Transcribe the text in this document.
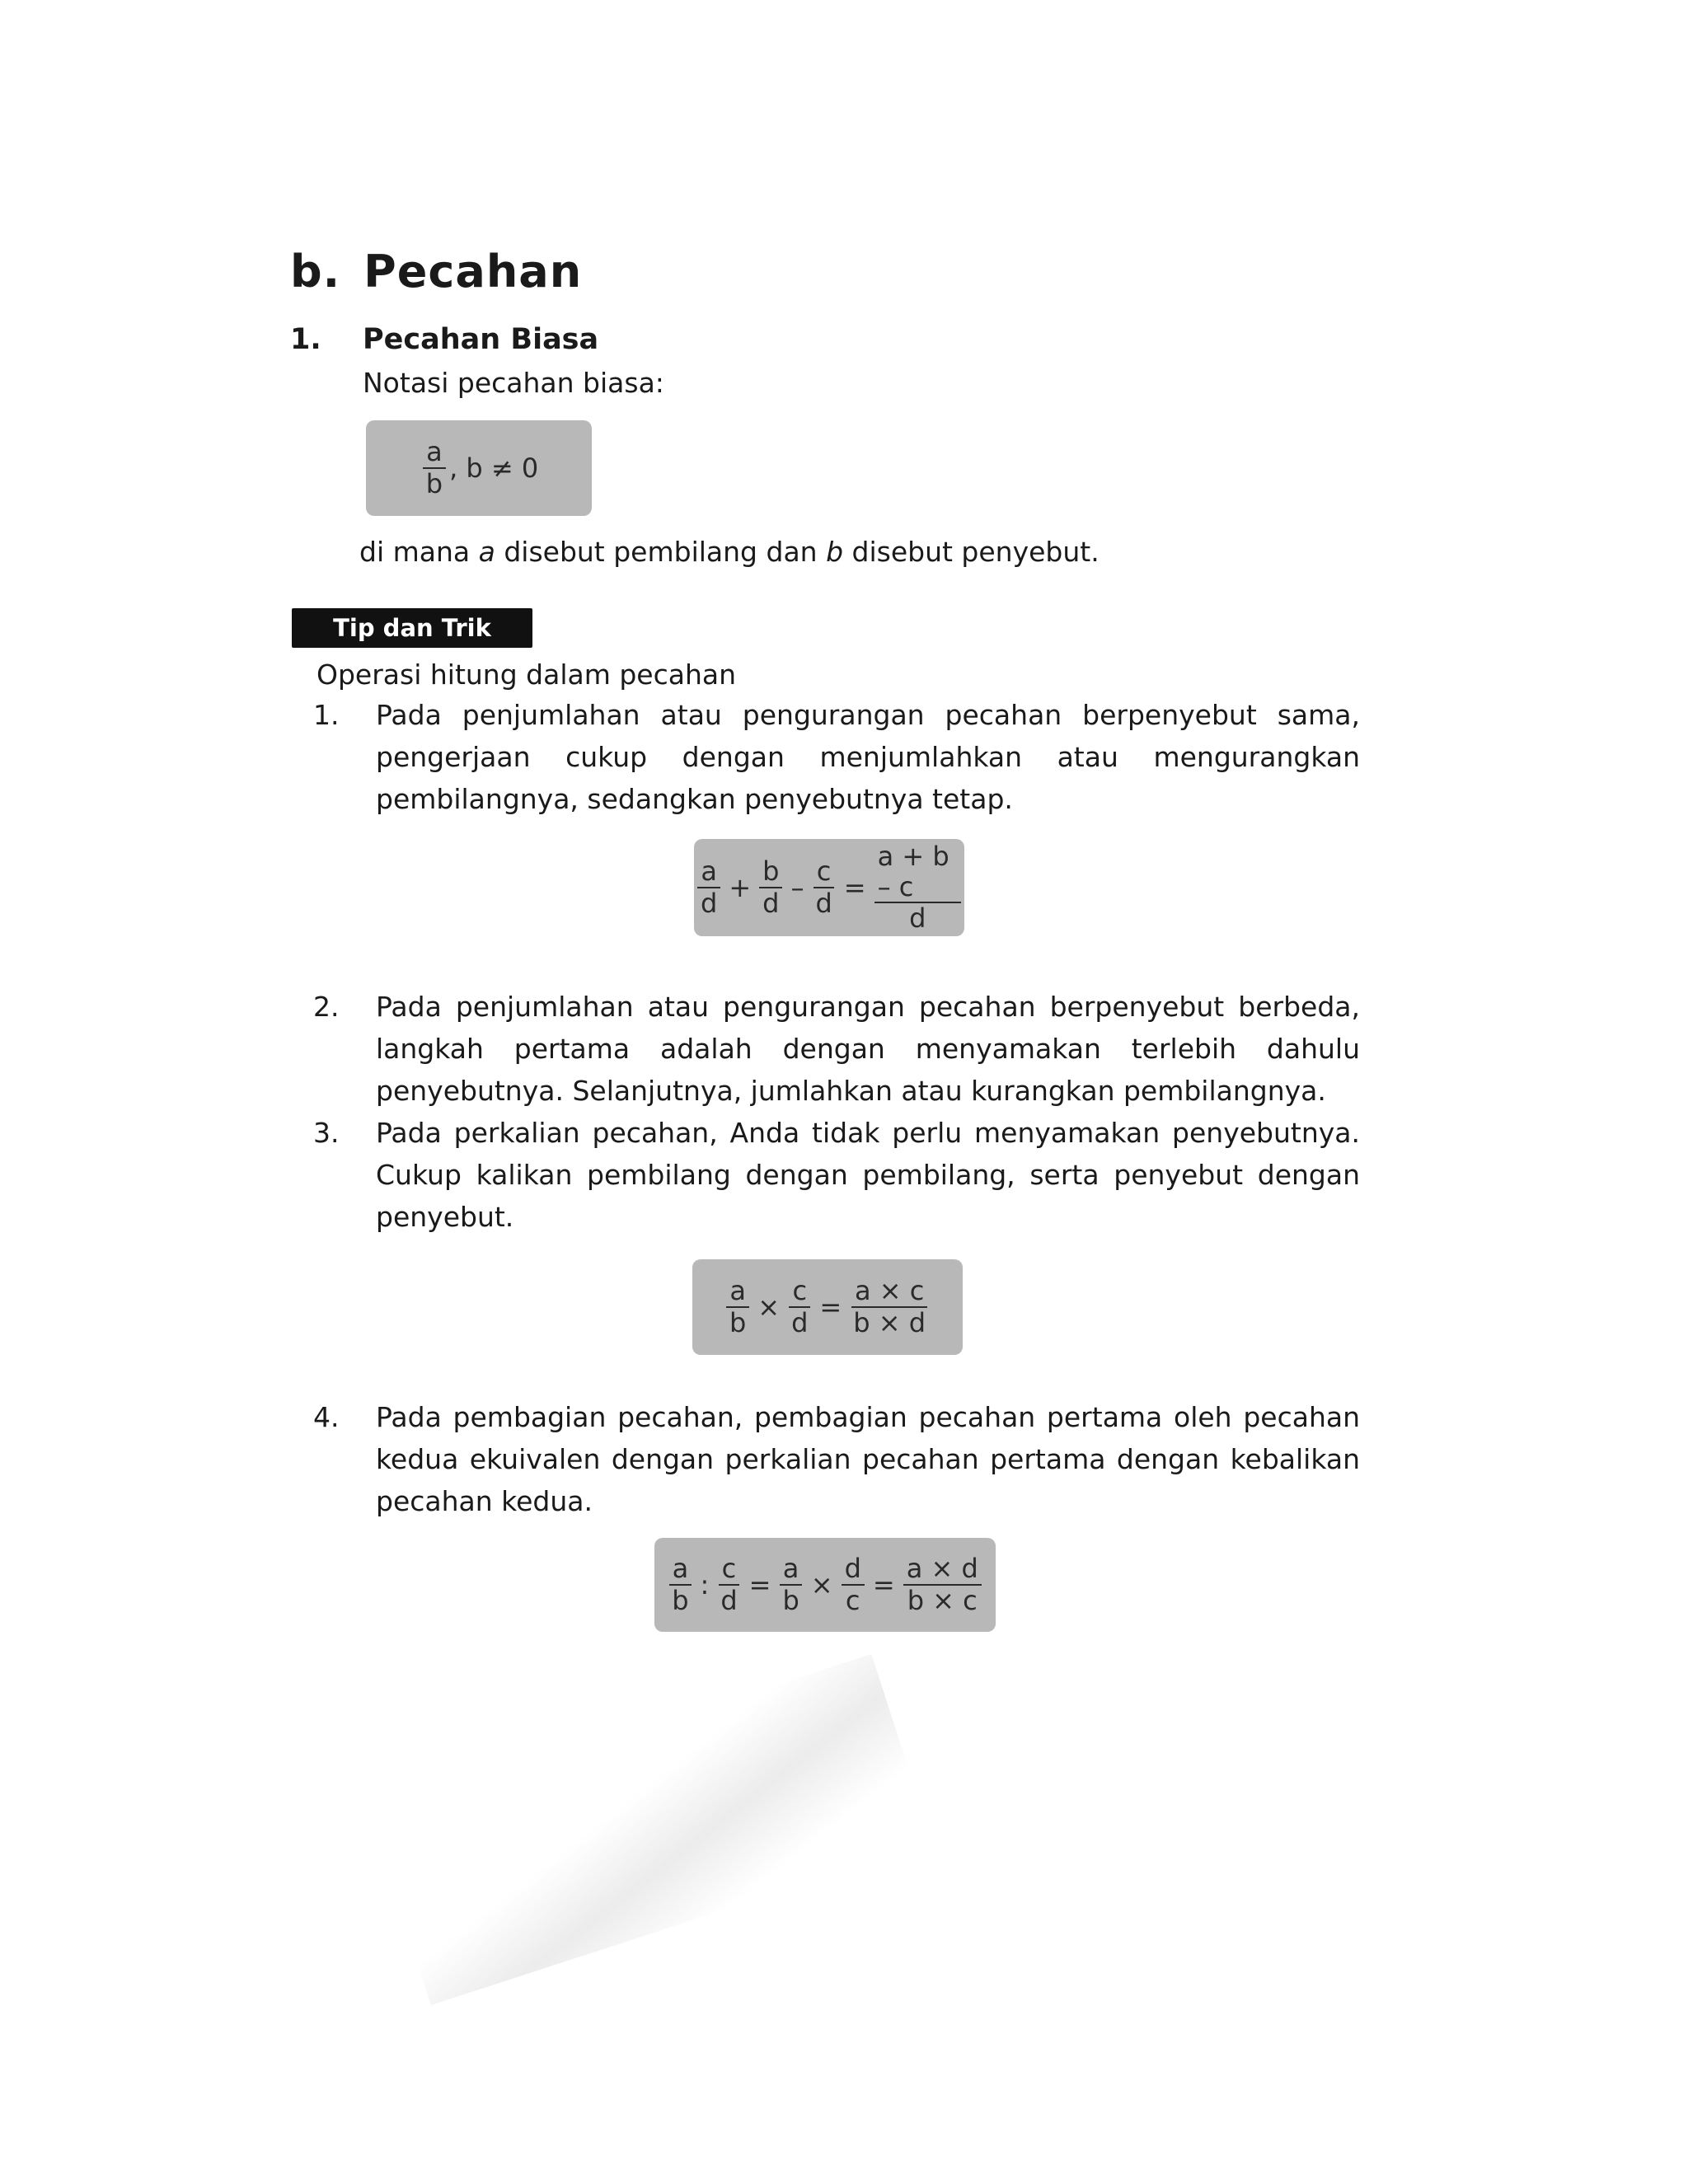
b. Pecahan
1. Pecahan Biasa
Notasi pecahan biasa:
$\frac{a}{b}$ , b ≠ 0
di mana a disebut pembilang dan b disebut penyebut.
Tip dan Trik
Operasi hitung dalam pecahan
1. Pada penjumlahan atau pengurangan pecahan berpenyebut sama, pengerjaan cukup dengan menjumlahkan atau mengurangkan pembilangnya, sedangkan penyebutnya tetap.
$\frac{a}{d} + \frac{b}{d} - \frac{c}{d} = \frac{a + b - c}{d}$
2. Pada penjumlahan atau pengurangan pecahan berpenyebut berbeda, langkah pertama adalah dengan menyamakan terlebih dahulu penyebutnya. Selanjutnya, jumlahkan atau kurangkan pembilangnya.
3. Pada perkalian pecahan, Anda tidak perlu menyamakan penyebutnya. Cukup kalikan pembilang dengan pembilang, serta penyebut dengan penyebut.
$\frac{a}{b} \times \frac{c}{d} = \frac{a \times c}{b \times d}$
4. Pada pembagian pecahan, pembagian pecahan pertama oleh pecahan kedua ekuivalen dengan perkalian pecahan pertama dengan kebalikan pecahan kedua.
$\frac{a}{b}$ : $\frac{c}{d} = \frac{a}{b} \times \frac{d}{c} = \frac{a \times d}{b \times c}$
